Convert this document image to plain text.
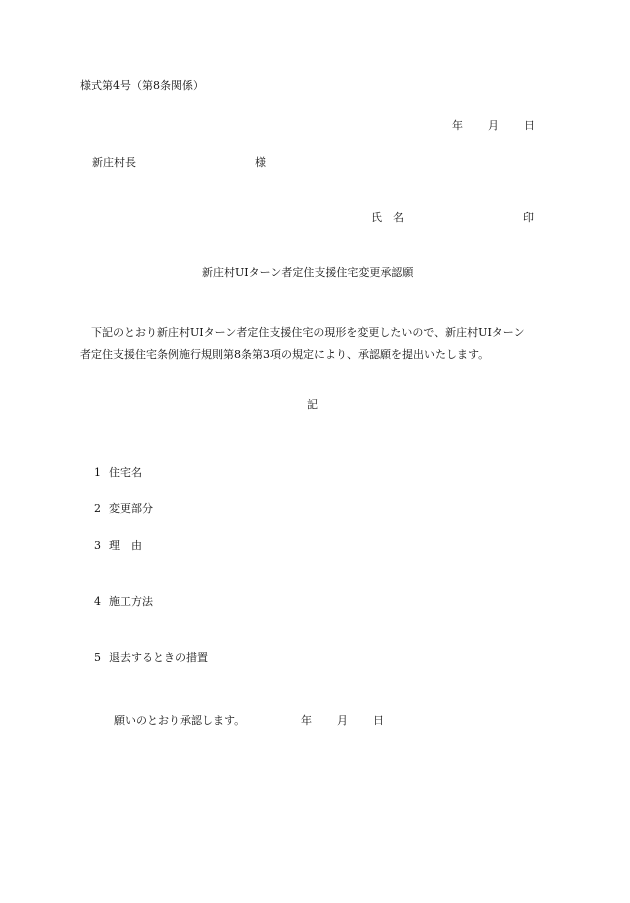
様式第4号（第8条関係）
年 月 日
新庄村長	様
氏　名	印
新庄村UIターン者定住支援住宅変更承認願
下記のとおり新庄村UIターン者定住支援住宅の現形を変更したいので、新庄村UIターン
者定住支援住宅条例施行規則第8条第3項の規定により、承認願を提出いたします。
記

1 住宅名

2 変更部分

3 理　由

4 施工方法

5 退去するときの措置

願いのとおり承認します。	年 月 日
